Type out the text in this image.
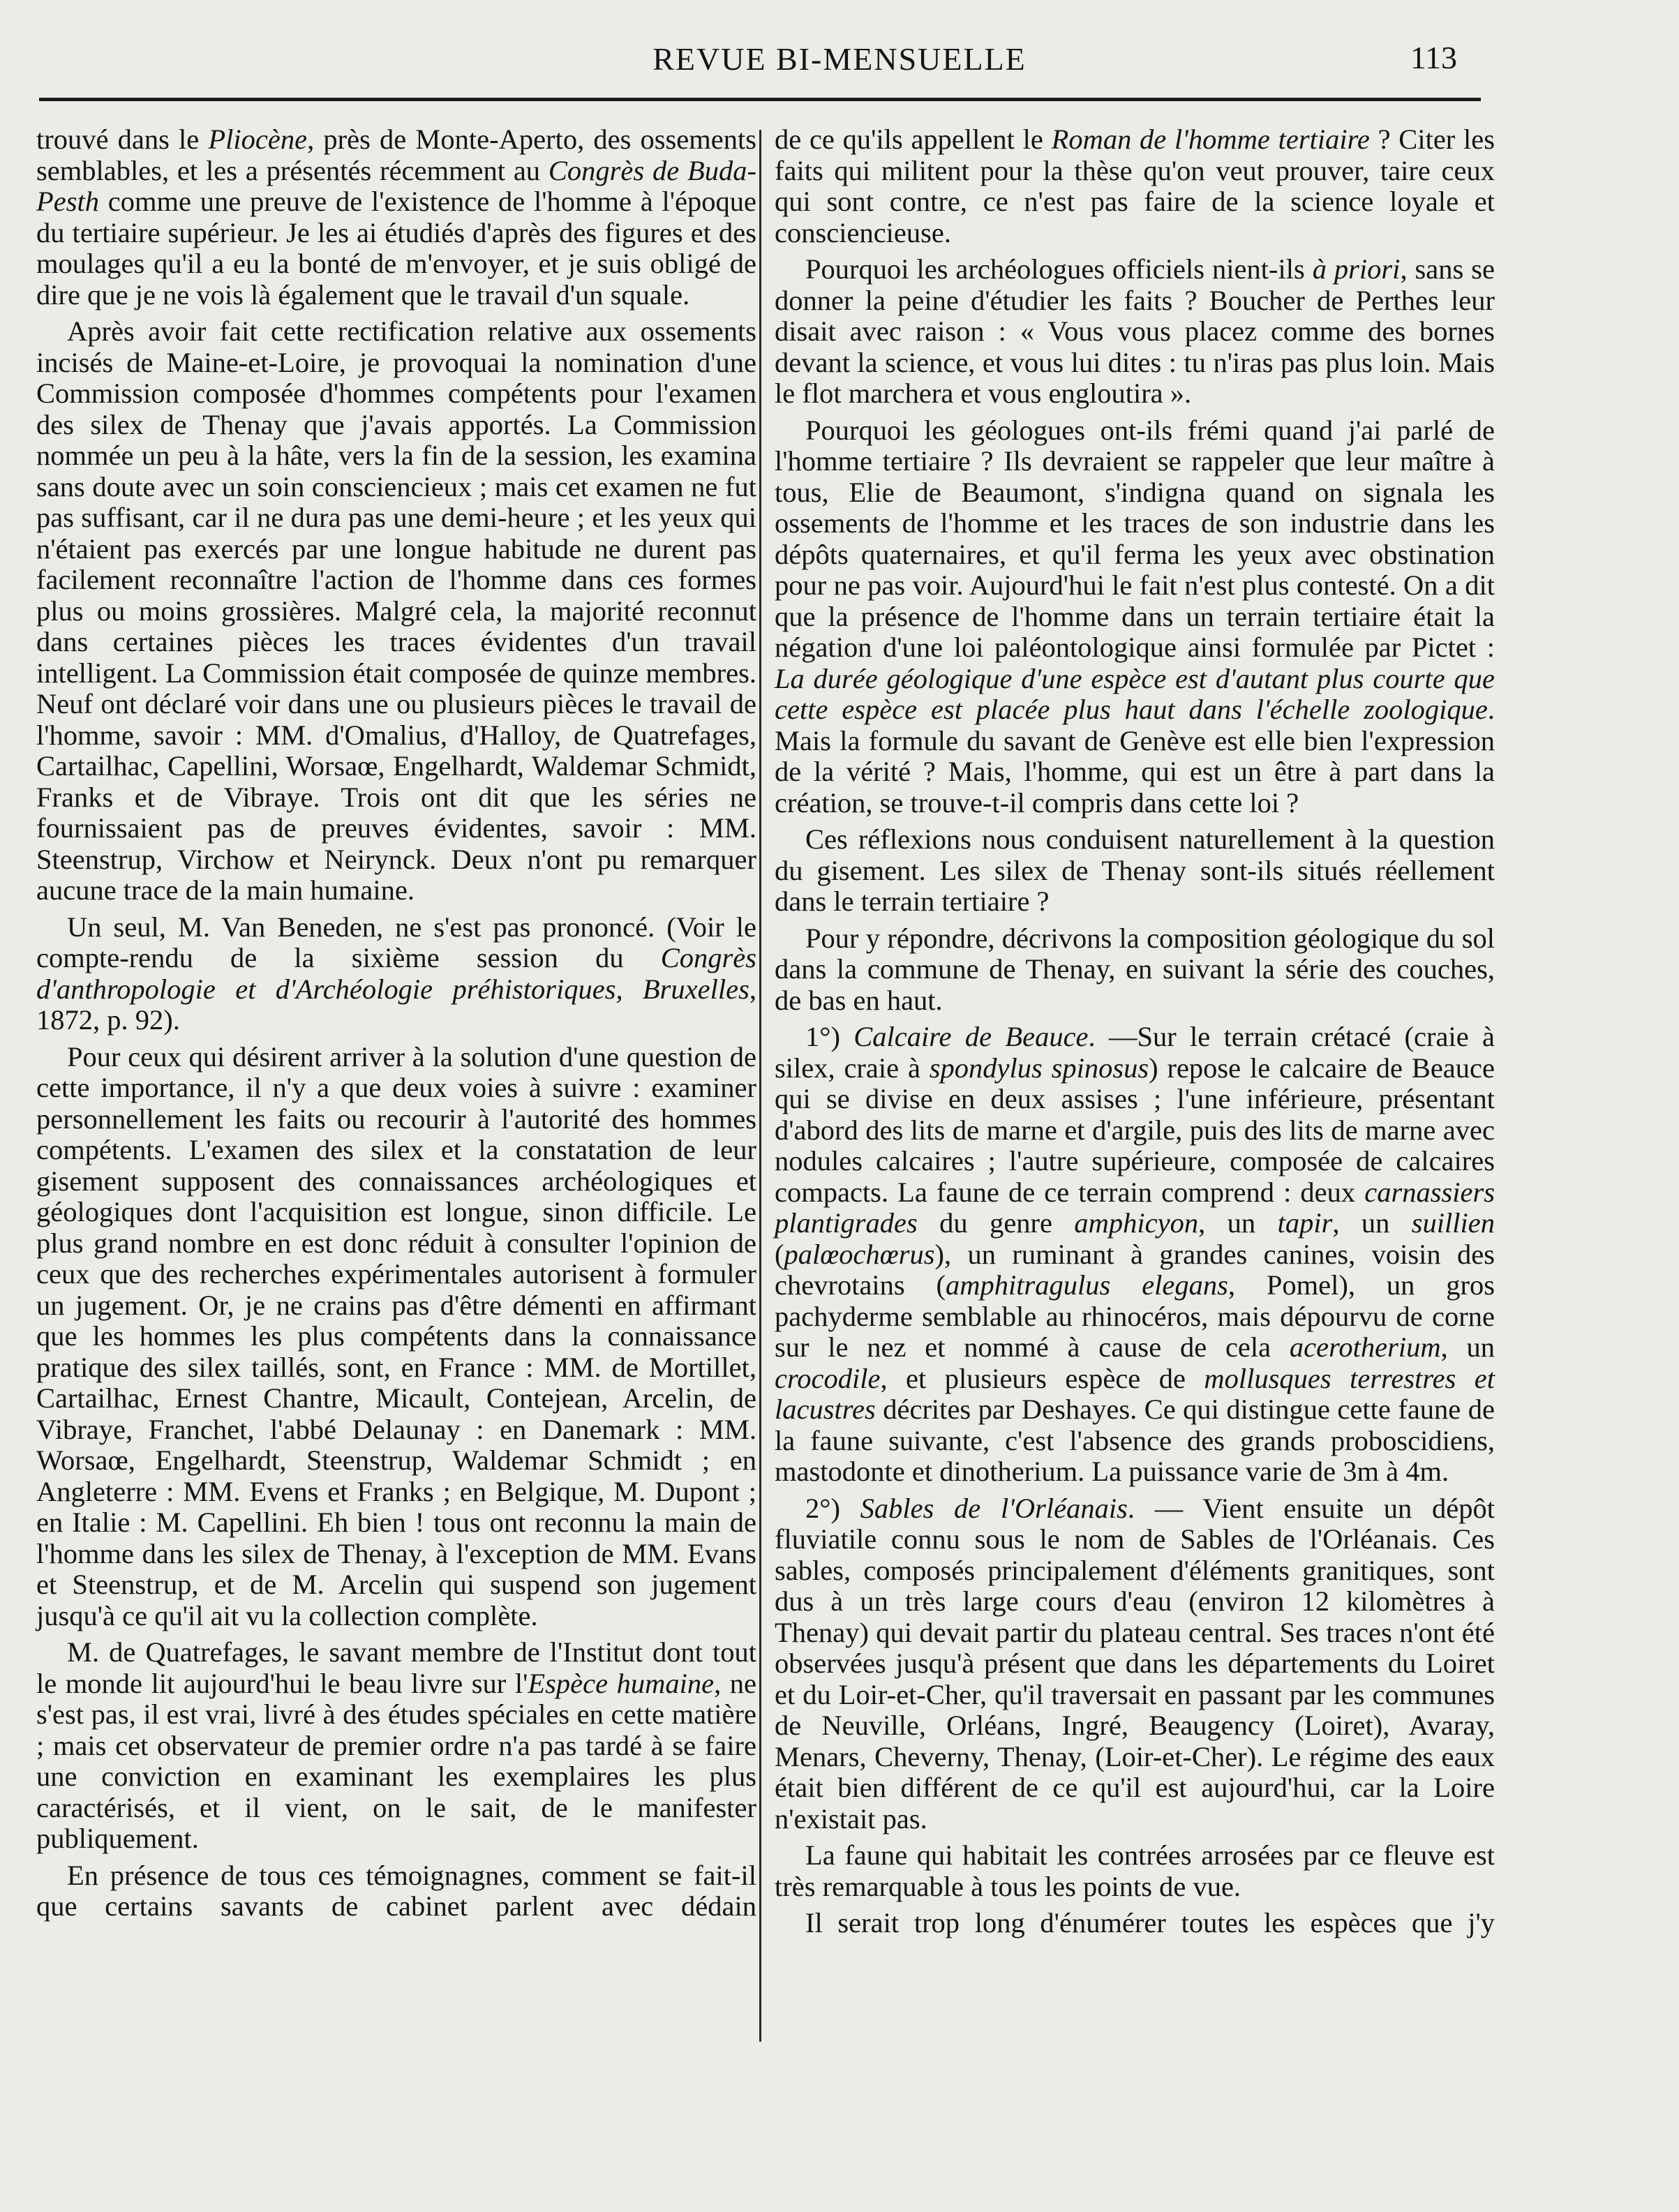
REVUE BI-MENSUELLE	113

trouvé dans le Pliocène, près de Monte-Aperto, des ossements semblables, et les a présentés récemment au Congrès de Buda-Pesth comme une preuve de l'existence de l'homme à l'époque du tertiaire supérieur. Je les ai étudiés d'après des figures et des moulages qu'il a eu la bonté de m'envoyer, et je suis obligé de dire que je ne vois là également que le travail d'un squale.

Après avoir fait cette rectification relative aux ossements incisés de Maine-et-Loire, je provoquai la nomination d'une Commission composée d'hommes compétents pour l'examen des silex de Thenay que j'avais apportés. La Commission nommée un peu à la hâte, vers la fin de la session, les examina sans doute avec un soin consciencieux ; mais cet examen ne fut pas suffisant, car il ne dura pas une demi-heure ; et les yeux qui n'étaient pas exercés par une longue habitude ne durent pas facilement reconnaître l'action de l'homme dans ces formes plus ou moins grossières. Malgré cela, la majorité reconnut dans certaines pièces les traces évidentes d'un travail intelligent. La Commission était composée de quinze membres. Neuf ont déclaré voir dans une ou plusieurs pièces le travail de l'homme, savoir : MM. d'Omalius, d'Halloy, de Quatrefages, Cartailhac, Capellini, Worsaœ, Engelhardt, Waldemar Schmidt, Franks et de Vibraye. Trois ont dit que les séries ne fournissaient pas de preuves évidentes, savoir : MM. Steenstrup, Virchow et Neirynck. Deux n'ont pu remarquer aucune trace de la main humaine.

Un seul, M. Van Beneden, ne s'est pas prononcé. (Voir le compte-rendu de la sixième session du Congrès d'anthropologie et d'Archéologie préhistoriques, Bruxelles, 1872, p. 92).

Pour ceux qui désirent arriver à la solution d'une question de cette importance, il n'y a que deux voies à suivre : examiner personnellement les faits ou recourir à l'autorité des hommes compétents. L'examen des silex et la constatation de leur gisement supposent des connaissances archéologiques et géologiques dont l'acquisition est longue, sinon difficile. Le plus grand nombre en est donc réduit à consulter l'opinion de ceux que des recherches expérimentales autorisent à formuler un jugement. Or, je ne crains pas d'être démenti en affirmant que les hommes les plus compétents dans la connaissance pratique des silex taillés, sont, en France : MM. de Mortillet, Cartailhac, Ernest Chantre, Micault, Contejean, Arcelin, de Vibraye, Franchet, l'abbé Delaunay : en Danemark : MM. Worsaœ, Engelhardt, Steenstrup, Waldemar Schmidt ; en Angleterre : MM. Evens et Franks ; en Belgique, M. Dupont ; en Italie : M. Capellini. Eh bien ! tous ont reconnu la main de l'homme dans les silex de Thenay, à l'exception de MM. Evans et Steenstrup, et de M. Arcelin qui suspend son jugement jusqu'à ce qu'il ait vu la collection complète.

M. de Quatrefages, le savant membre de l'Institut dont tout le monde lit aujourd'hui le beau livre sur l'Espèce humaine, ne s'est pas, il est vrai, livré à des études spéciales en cette matière ; mais cet observateur de premier ordre n'a pas tardé à se faire une conviction en examinant les exemplaires les plus caractérisés, et il vient, on le sait, de le manifester publiquement.

En présence de tous ces témoignagnes, comment se fait-il que certains savants de cabinet parlent avec dédain

de ce qu'ils appellent le Roman de l'homme tertiaire ? Citer les faits qui militent pour la thèse qu'on veut prouver, taire ceux qui sont contre, ce n'est pas faire de la science loyale et consciencieuse.

Pourquoi les archéologues officiels nient-ils à priori, sans se donner la peine d'étudier les faits ? Boucher de Perthes leur disait avec raison : « Vous vous placez comme des bornes devant la science, et vous lui dites : tu n'iras pas plus loin. Mais le flot marchera et vous engloutira ».

Pourquoi les géologues ont-ils frémi quand j'ai parlé de l'homme tertiaire ? Ils devraient se rappeler que leur maître à tous, Elie de Beaumont, s'indigna quand on signala les ossements de l'homme et les traces de son industrie dans les dépôts quaternaires, et qu'il ferma les yeux avec obstination pour ne pas voir. Aujourd'hui le fait n'est plus contesté. On a dit que la présence de l'homme dans un terrain tertiaire était la négation d'une loi paléontologique ainsi formulée par Pictet : La durée géologique d'une espèce est d'autant plus courte que cette espèce est placée plus haut dans l'échelle zoologique. Mais la formule du savant de Genève est elle bien l'expression de la vérité ? Mais, l'homme, qui est un être à part dans la création, se trouve-t-il compris dans cette loi ?

Ces réflexions nous conduisent naturellement à la question du gisement. Les silex de Thenay sont-ils situés réellement dans le terrain tertiaire ?

Pour y répondre, décrivons la composition géologique du sol dans la commune de Thenay, en suivant la série des couches, de bas en haut.

1°) Calcaire de Beauce. —Sur le terrain crétacé (craie à silex, craie à spondylus spinosus) repose le calcaire de Beauce qui se divise en deux assises ; l'une inférieure, présentant d'abord des lits de marne et d'argile, puis des lits de marne avec nodules calcaires ; l'autre supérieure, composée de calcaires compacts. La faune de ce terrain comprend : deux carnassiers plantigrades du genre amphicyon, un tapir, un suillien (palœochœrus), un ruminant à grandes canines, voisin des chevrotains (amphitragulus elegans, Pomel), un gros pachyderme semblable au rhinocéros, mais dépourvu de corne sur le nez et nommé à cause de cela acerotherium, un crocodile, et plusieurs espèce de mollusques terrestres et lacustres décrites par Deshayes. Ce qui distingue cette faune de la faune suivante, c'est l'absence des grands proboscidiens, mastodonte et dinotherium. La puissance varie de 3m à 4m.

2°) Sables de l'Orléanais. — Vient ensuite un dépôt fluviatile connu sous le nom de Sables de l'Orléanais. Ces sables, composés principalement d'éléments granitiques, sont dus à un très large cours d'eau (environ 12 kilomètres à Thenay) qui devait partir du plateau central. Ses traces n'ont été observées jusqu'à présent que dans les départements du Loiret et du Loir-et-Cher, qu'il traversait en passant par les communes de Neuville, Orléans, Ingré, Beaugency (Loiret), Avaray, Menars, Cheverny, Thenay, (Loir-et-Cher). Le régime des eaux était bien différent de ce qu'il est aujourd'hui, car la Loire n'existait pas.

La faune qui habitait les contrées arrosées par ce fleuve est très remarquable à tous les points de vue.

Il serait trop long d'énumérer toutes les espèces que j'y
